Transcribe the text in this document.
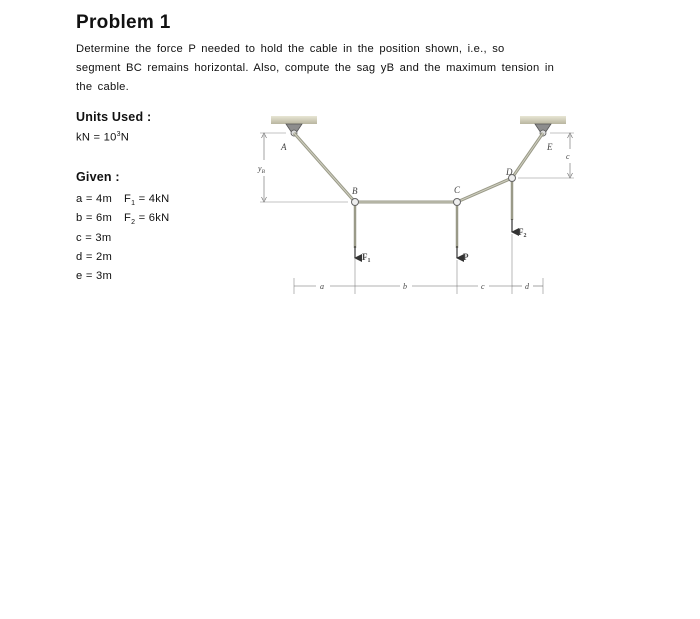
Problem 1
Determine the force P needed to hold the cable in the position shown, i.e., so
segment BC remains horizontal. Also, compute the sag yB and the maximum tension in
the cable.
Units Used :
kN = $10^3N$
Given :
a = 4m $F_1 = 4kN$
b = 6m $F_2 = 6kN$
c = 3m
d = 2m
e = 3m
A
B	C
D
E
$F_1$	P
$F_2$
$y_B$
c
a	b	c	d
